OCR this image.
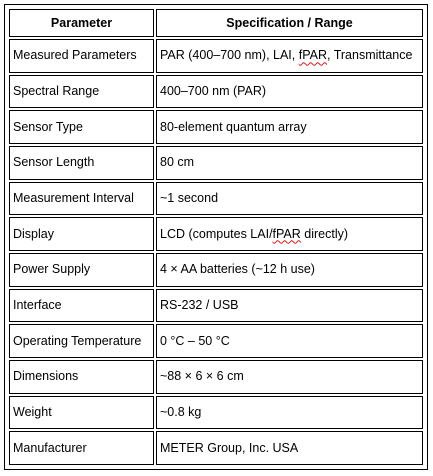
Parameter	Specification / Range
Measured Parameters	PAR (400–700 nm), LAI, fPAR, Transmittance
Spectral Range	400–700 nm (PAR)
Sensor Type	80-element quantum array
Sensor Length	80 cm
Measurement Interval	~1 second
Display	LCD (computes LAI/fPAR directly)
Power Supply	4 × AA batteries (~12 h use)
Interface	RS-232 / USB
Operating Temperature	0 °C – 50 °C
Dimensions	~88 × 6 × 6 cm
Weight	~0.8 kg
Manufacturer	METER Group, Inc. USA
